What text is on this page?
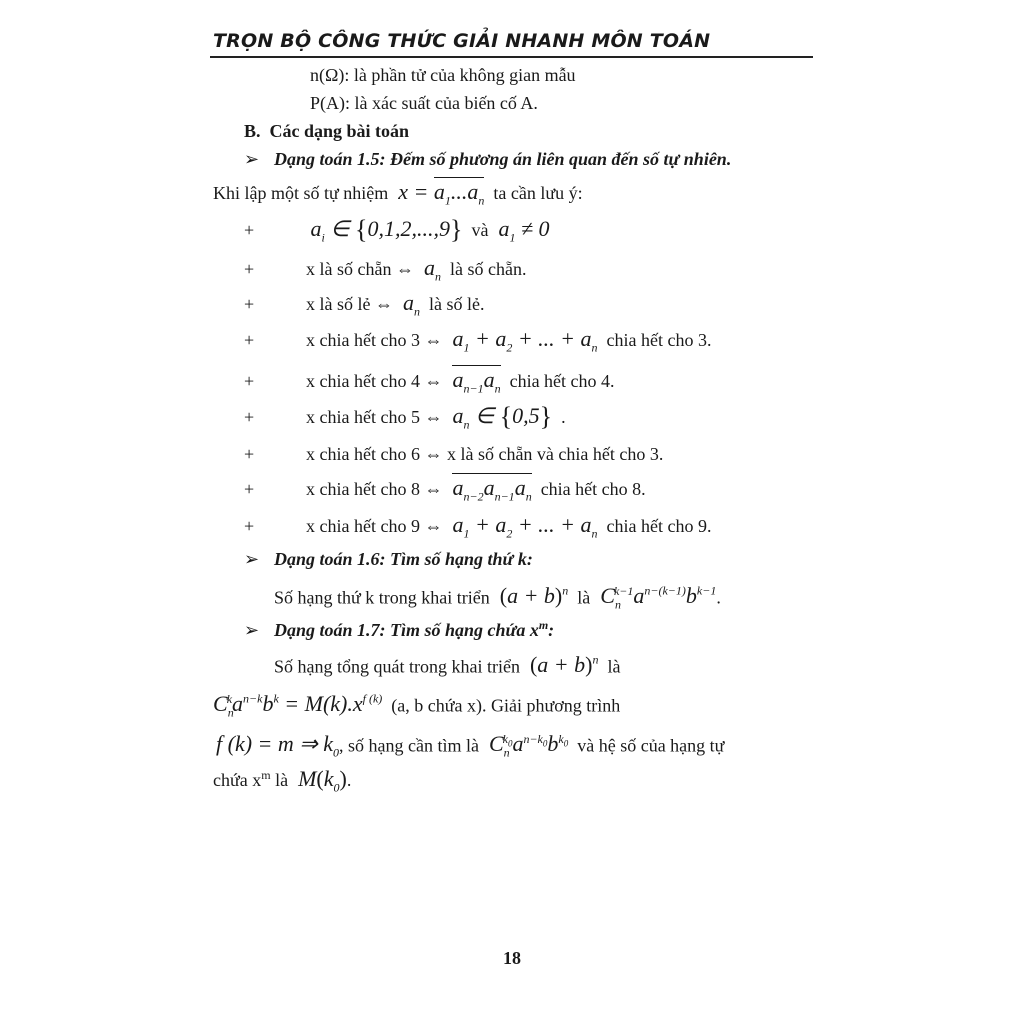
TRỌN BỘ CÔNG THỨC GIẢI NHANH MÔN TOÁN
n(Ω): là phần tử của không gian mẫu
P(A): là xác suất của biến cố A.
B. Các dạng bài toán
➢ Dạng toán 1.5: Đếm số phương án liên quan đến số tự nhiên.
Khi lập một số tự nhiệm  $x = a_1...a_n$ ta cần lưu ý:
+	$a_i$ ∈ {0,1,2,...,9} và  $a_1 \ne 0$
+	x là số chẵn ⇔  $a_n$ là số chẵn.
+	x là số lẻ ⇔  $a_n$ là số lẻ.
+	x chia hết cho 3 ⇔  $a_1 + a_2$ + ... + $a_n$ chia hết cho 3.
+	x chia hết cho 4 ⇔ $a_{n-1}a_n$ chia hết cho 4.
+	x chia hết cho 5 ⇔  $a_n$ ∈ {0,5} .
+	x chia hết cho 6 ⇔ x là số chẵn và chia hết cho 3.
+	x chia hết cho 8 ⇔ $a_{n-2}a_{n-1}a_n$ chia hết cho 8.
+	x chia hết cho 9 ⇔  $a_1 + a_2$ + ... + $a_n$ chia hết cho 9.
➢ Dạng toán 1.6: Tìm số hạng thứ k:
Số hạng thứ k trong khai triển $(a + b)^n$ là  $C_n^{k-1}a^{n-(k-1)}b^{k-1}$.
➢ Dạng toán 1.7: Tìm số hạng chứa $x^m$:
Số hạng tổng quát trong khai triển $(a + b)^n$ là
$C_n^ka^{n-k}b^k = M(k).x^{f (k)}$ (a, b chứa x). Giải phương trình
f (k) = m ⇒ $k_0$, số hạng cần tìm là  $C_n^{k_0}a^{n-k_0}b^{k_0}$ và hệ số của hạng tự
chứa $x^m$ là  $M(k_0)$.
18
